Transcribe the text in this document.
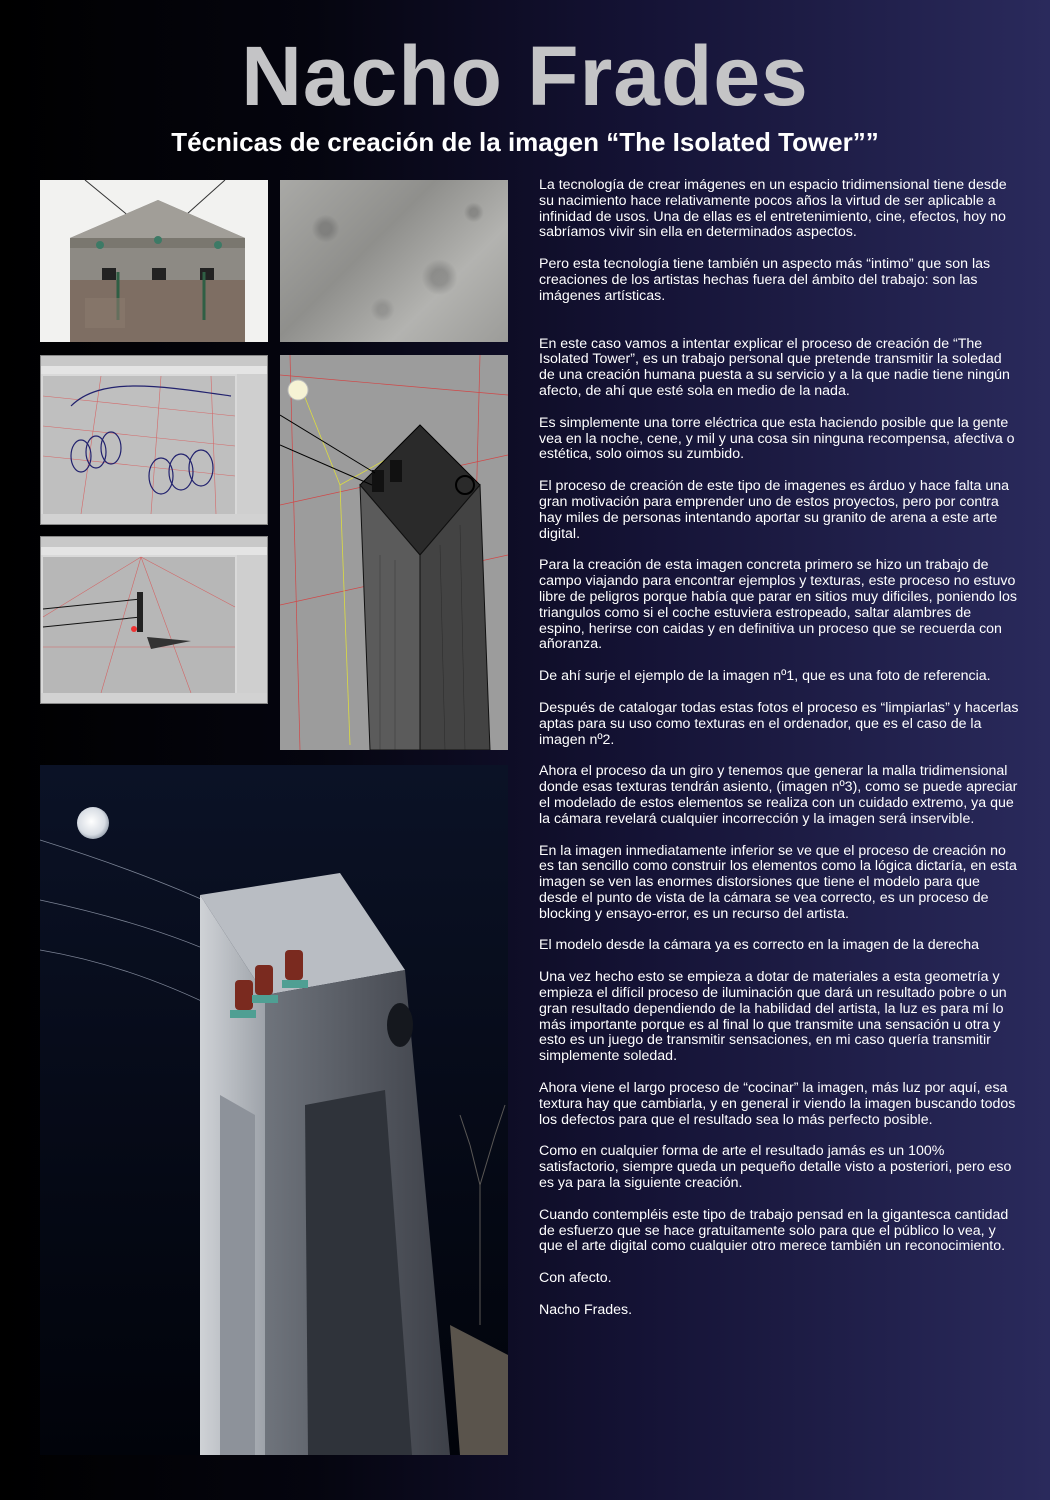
Nacho Frades
Técnicas de creación de la imagen “The Isolated Tower””

La tecnología de crear imágenes en un espacio tridimensional tiene desde su nacimiento hace relativamente pocos años la virtud de ser aplicable a infinidad de usos. Una de ellas es el entretenimiento, cine, efectos, hoy no sabríamos vivir sin ella en determinados aspectos.

Pero esta tecnología tiene también un aspecto más “intimo” que son las creaciones de los artistas hechas fuera del ámbito del trabajo: son las imágenes artísticas.

En este caso vamos a intentar explicar el proceso de creación de “The Isolated Tower”, es un trabajo personal que pretende transmitir la soledad de una creación humana puesta a su servicio y a la que nadie tiene ningún afecto, de ahí que esté sola en medio de la nada.

Es simplemente una torre eléctrica que esta haciendo posible que la gente vea en la noche, cene, y mil y una cosa sin ninguna recompensa, afectiva o estética, solo oimos su zumbido.

El proceso de creación de este tipo de imagenes es árduo y hace falta una gran motivación para emprender uno de estos proyectos, pero por contra hay miles de personas intentando aportar su granito de arena a este arte digital.

Para la creación de esta imagen concreta primero se hizo un trabajo de campo viajando para encontrar ejemplos y texturas, este proceso no estuvo libre de peligros porque había que parar en sitios muy dificiles, poniendo los triangulos como si el coche estuviera estropeado, saltar alambres de espino, herirse con caidas y en definitiva un proceso que se recuerda con añoranza.

De ahí surje el ejemplo de la imagen nº1, que es una foto de referencia.

Después de catalogar todas estas fotos el proceso es “limpiarlas” y hacerlas aptas para su uso como texturas en el ordenador, que es el caso de la imagen nº2.

Ahora el proceso da un giro y tenemos que generar la malla tridimensional donde esas texturas tendrán asiento, (imagen nº3), como se puede apreciar el modelado de estos elementos se realiza con un cuidado extremo, ya que la cámara revelará cualquier incorrección y la imagen será inservible.

En la imagen inmediatamente inferior se ve que el proceso de creación no es tan sencillo como construir los elementos como la lógica dictaría, en esta imagen se ven las enormes distorsiones que tiene el modelo para que desde el punto de vista de la cámara se vea correcto, es un proceso de blocking y ensayo-error, es un recurso del artista.

El modelo desde la cámara ya es correcto en la imagen de la derecha

Una vez hecho esto se empieza a dotar de materiales a esta geometría y empieza el difícil proceso de iluminación que dará un resultado pobre o un gran resultado dependiendo de la habilidad del artista, la luz es para mí lo más importante porque es al final lo que transmite una sensación u otra y esto es un juego de transmitir sensaciones, en mi caso quería transmitir simplemente soledad.

Ahora viene el largo proceso de “cocinar” la imagen, más luz por aquí, esa textura hay que cambiarla, y en general ir viendo la imagen buscando todos los defectos para que el resultado sea lo más perfecto posible.

Como en cualquier forma de arte el resultado jamás es un 100% satisfactorio, siempre queda un pequeño detalle visto a posteriori, pero eso es ya para la siguiente creación.

Cuando contempléis este tipo de trabajo pensad en la gigantesca cantidad de esfuerzo que se hace gratuitamente solo para que el público lo vea, y que el arte digital como cualquier otro merece también un reconocimiento.

Con afecto.

Nacho Frades.
